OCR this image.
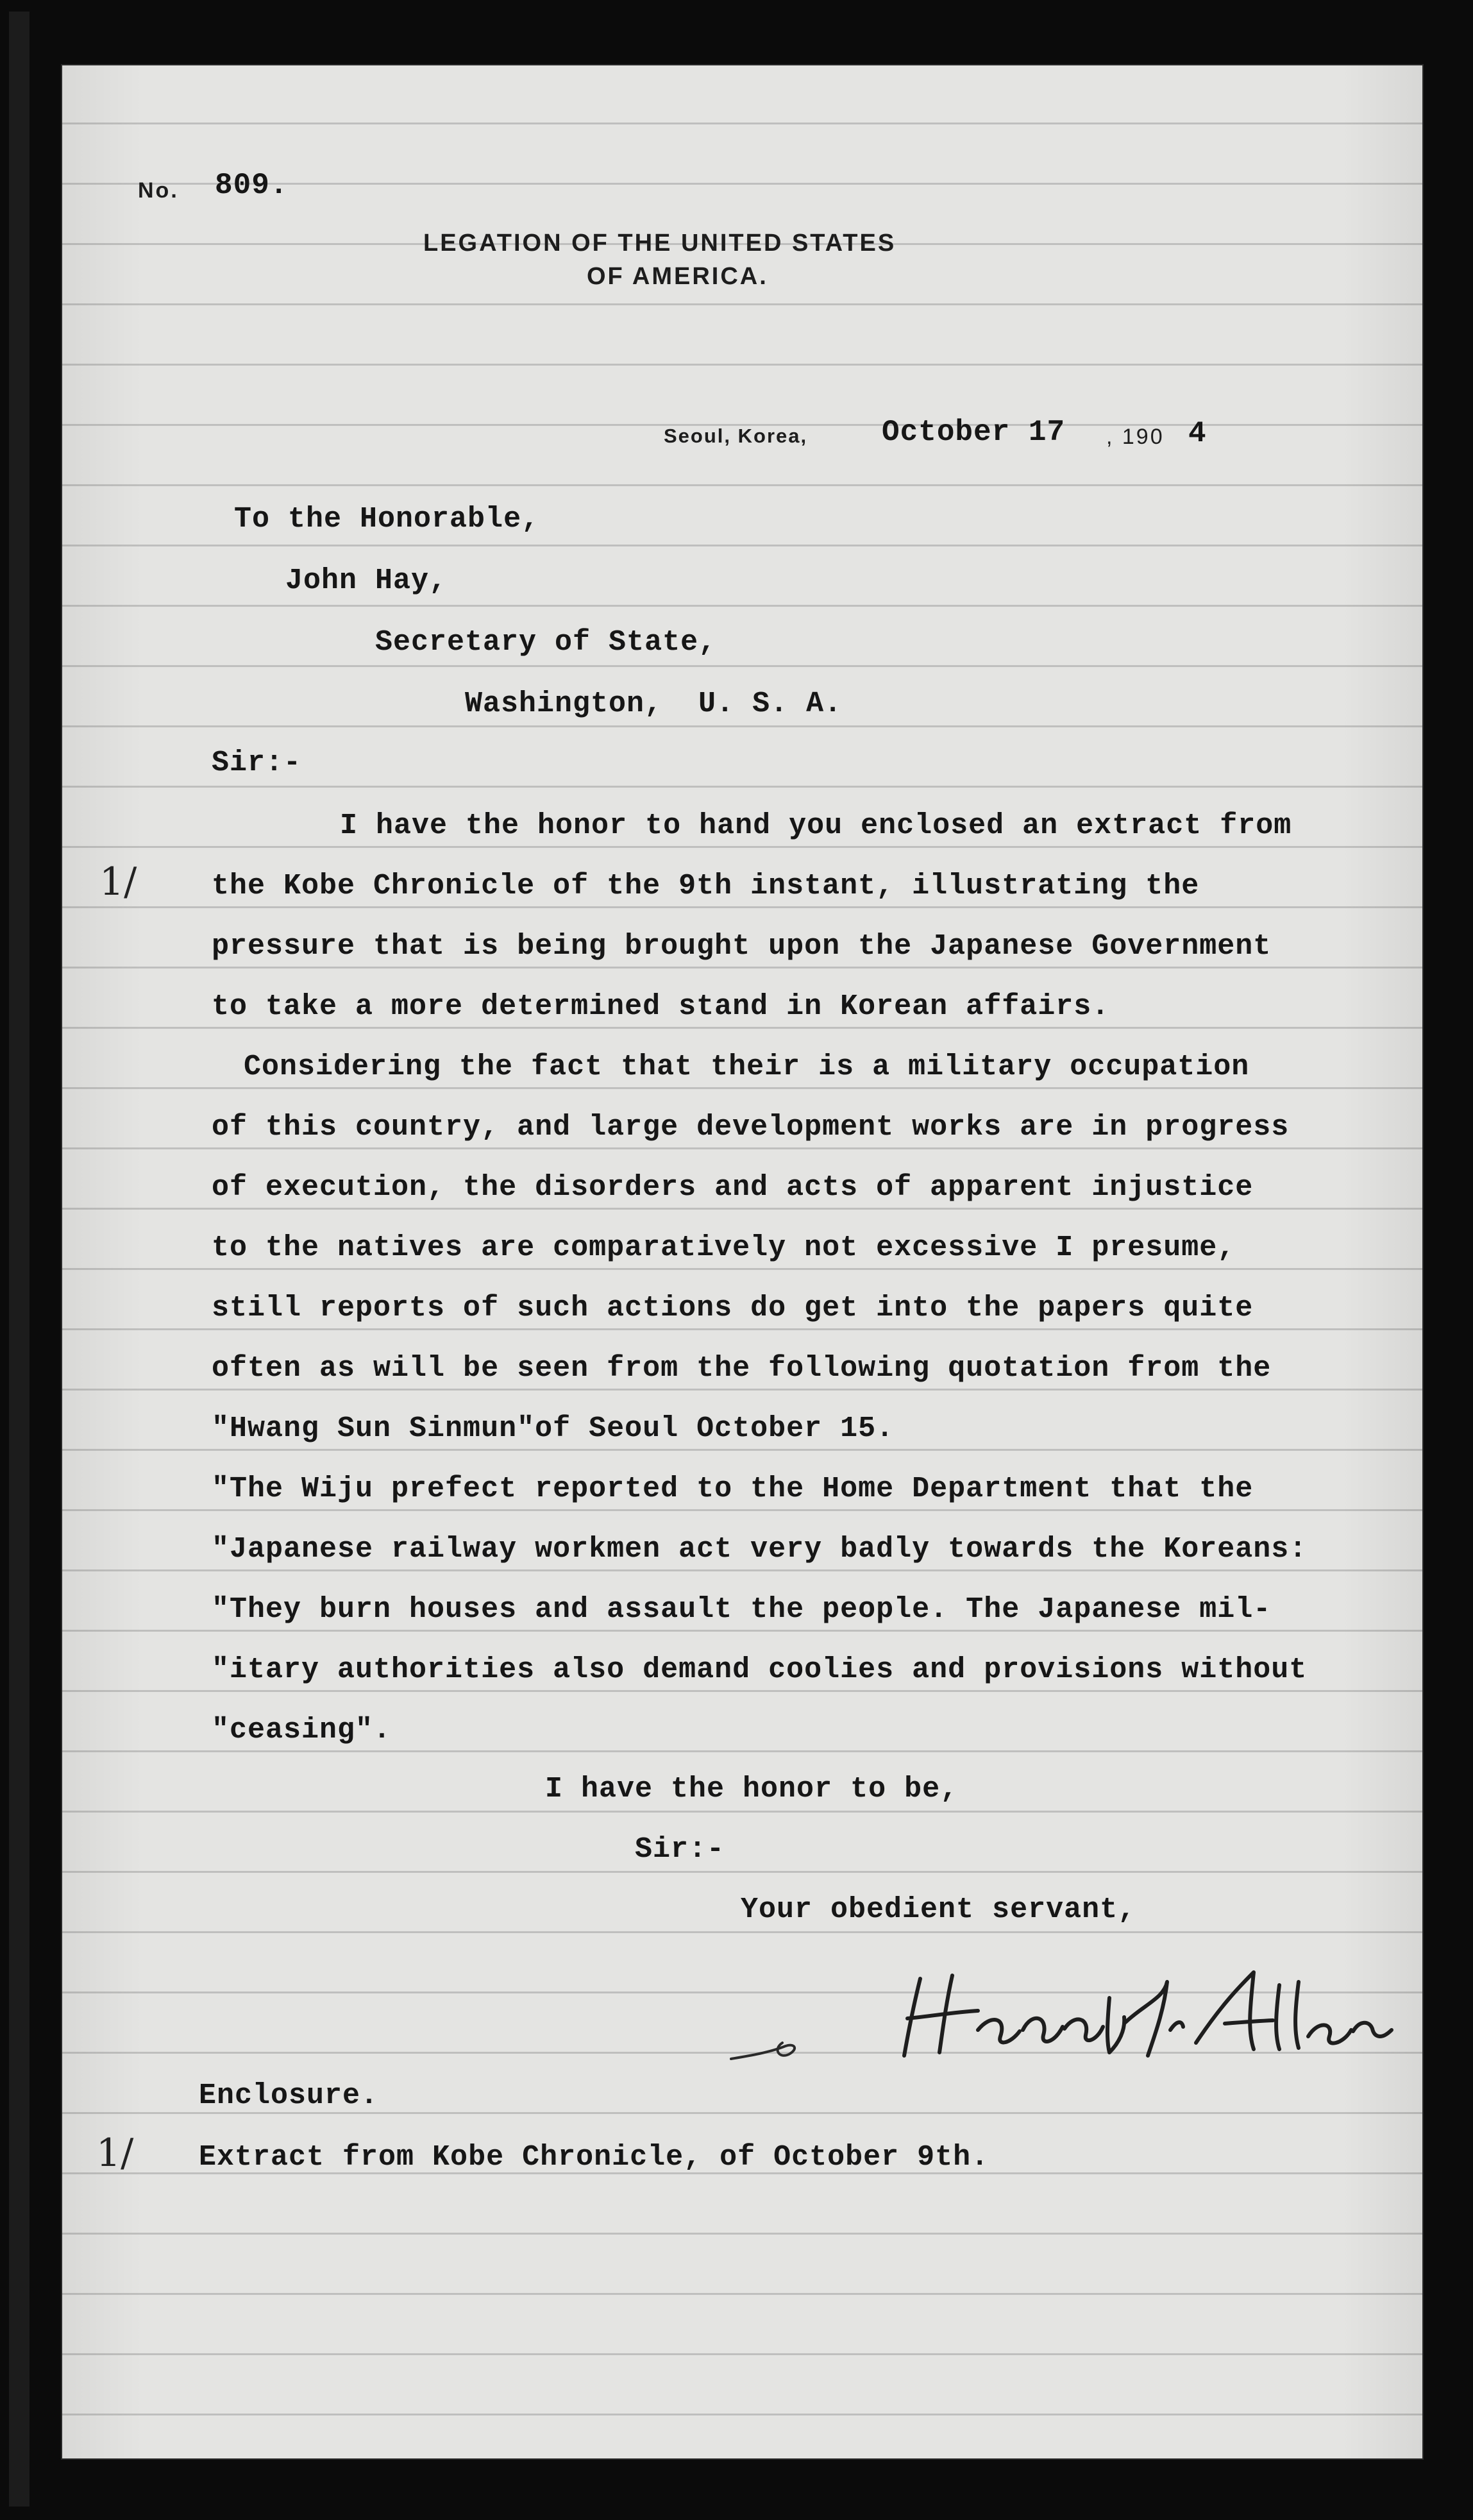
No. 809.
LEGATION OF THE UNITED STATES
OF AMERICA.
Seoul, Korea,	October 17 , 190 4
To the Honorable,
John Hay,
Secretary of State,
Washington,  U. S. A.
Sir:-
1/
I have the honor to hand you enclosed an extract from
the Kobe Chronicle of the 9th instant, illustrating the
pressure that is being brought upon the Japanese Government
to take a more determined stand in Korean affairs.
Considering the fact that their is a military occupation
of this country, and large development works are in progress
of execution, the disorders and acts of apparent injustice
to the natives are comparatively not excessive I presume,
still reports of such actions do get into the papers quite
often as will be seen from the following quotation from the
"Hwang Sun Sinmun"of Seoul October 15.
"The Wiju prefect reported to the Home Department that the
"Japanese railway workmen act very badly towards the Koreans:
"They burn houses and assault the people. The Japanese mil-
"itary authorities also demand coolies and provisions without
"ceasing".
I have the honor to be,
Sir:-
Your obedient servant,
Enclosure.
1/ Extract from Kobe Chronicle, of October 9th.
